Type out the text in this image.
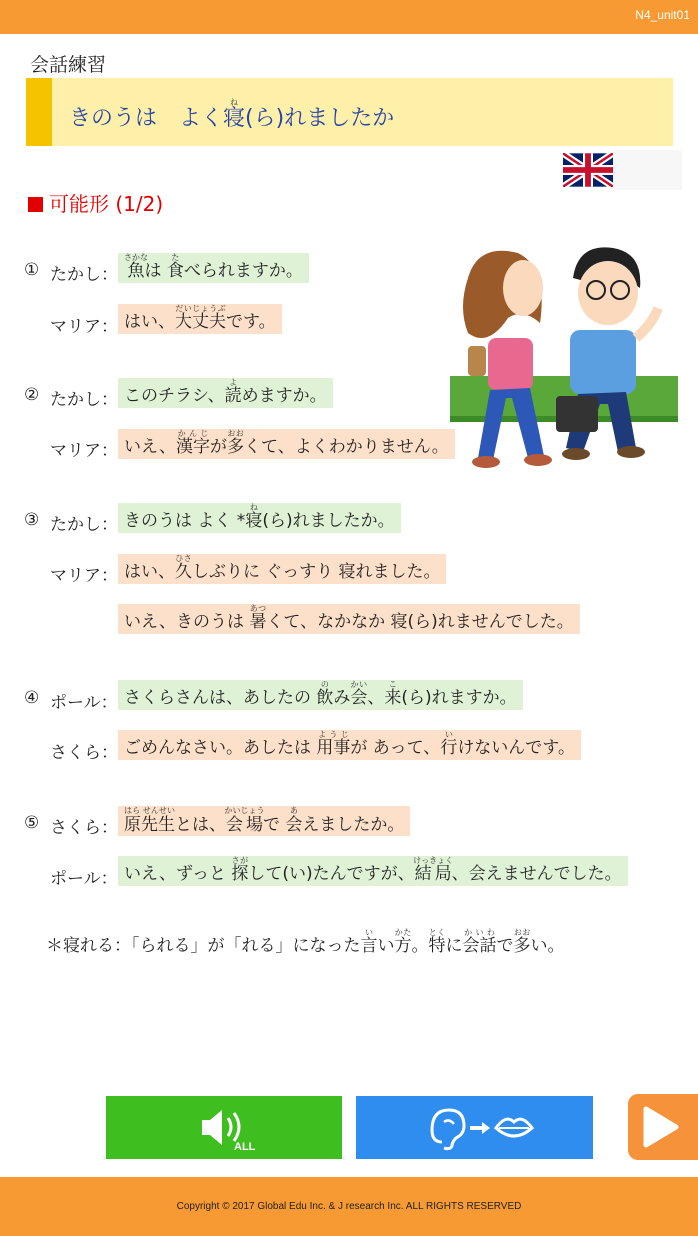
N4_unit01
会話練習
きのうは　よく寝ね(ら)れましたか
可能形 (1/2)
① たかし： 魚さかなは 食たべられますか。
マリア： はい、大丈夫だいじょうぶです。
② たかし： このチラシ、読よめますか。
マリア： いえ、漢字かんじが多おおくて、よくわかりません。
③ たかし： きのうは よく *寝ね(ら)れましたか。
マリア： はい、久ひさしぶりに ぐっすり 寝れました。
いえ、きのうは 暑あつくて、なかなか 寝(ら)れませんでした。
④ ポール： さくらさんは、あしたの 飲のみ会かい、来こ(ら)れますか。
さくら： ごめんなさい。あしたは 用事ようじが あって、行いけないんです。
⑤ さくら： 原先生はら せんせいとは、会場かいじょうで 会あえましたか。
ポール： いえ、ずっと 探さがして(い)たんですが、結局けっきょく、会えませんでした。
＊寝れる：「られる」が「れる」になった言いい方かた。特とくに会話かいわで多おおい。
ALL
Copyright © 2017 Global Edu Inc. & J research Inc. ALL RIGHTS RESERVED
